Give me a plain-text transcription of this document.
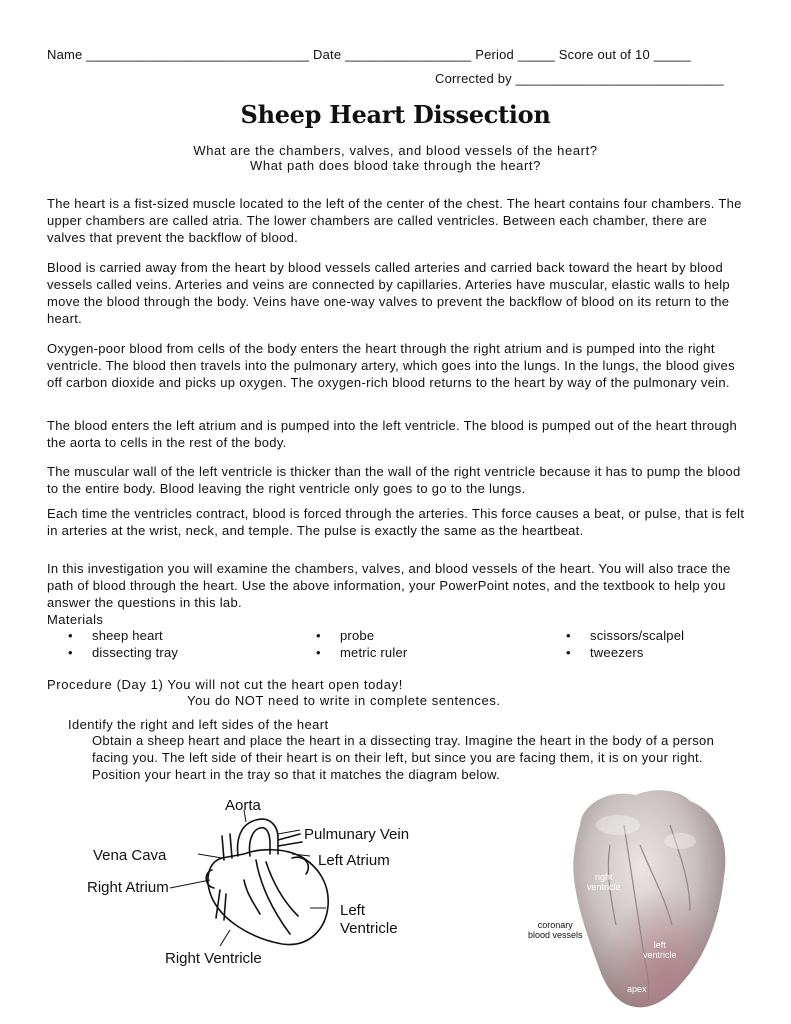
Name ______________________________ Date _________________ Period _____ Score out of 10 _____
Corrected by ____________________________
Sheep Heart Dissection
What are the chambers, valves, and blood vessels of the heart?
What path does blood take through the heart?

The heart is a fist-sized muscle located to the left of the center of the chest. The heart contains four chambers. The upper chambers are called atria. The lower chambers are called ventricles. Between each chamber, there are valves that prevent the backflow of blood.

Blood is carried away from the heart by blood vessels called arteries and carried back toward the heart by blood vessels called veins. Arteries and veins are connected by capillaries. Arteries have muscular, elastic walls to help move the blood through the body. Veins have one-way valves to prevent the backflow of blood on its return to the heart.

Oxygen-poor blood from cells of the body enters the heart through the right atrium and is pumped into the right ventricle. The blood then travels into the pulmonary artery, which goes into the lungs. In the lungs, the blood gives off carbon dioxide and picks up oxygen. The oxygen-rich blood returns to the heart by way of the pulmonary vein.

The blood enters the left atrium and is pumped into the left ventricle. The blood is pumped out of the heart through the aorta to cells in the rest of the body.

The muscular wall of the left ventricle is thicker than the wall of the right ventricle because it has to pump the blood to the entire body. Blood leaving the right ventricle only goes to go to the lungs.

Each time the ventricles contract, blood is forced through the arteries. This force causes a beat, or pulse, that is felt in arteries at the wrist, neck, and temple. The pulse is exactly the same as the heartbeat.

In this investigation you will examine the chambers, valves, and blood vessels of the heart. You will also trace the path of blood through the heart. Use the above information, your PowerPoint notes, and the textbook to help you answer the questions in this lab.

Materials
• sheep heart
• dissecting tray
• probe
• metric ruler
• scissors/scalpel
• tweezers
Procedure (Day 1) You will not cut the heart open today!
You do NOT need to write in complete sentences.
Identify the right and left sides of the heart

Obtain a sheep heart and place the heart in a dissecting tray. Imagine the heart in the body of a person facing you. The left side of their heart is on their left, but since you are facing them, it is on your right. Position your heart in the tray so that it matches the diagram below.

Aorta
Pulmunary Vein
Vena Cava	Left Atrium
Right Atrium
Left
Ventricle
Right Ventricle
right
ventricle
coronary
blood vessels
left
ventricle
apex
